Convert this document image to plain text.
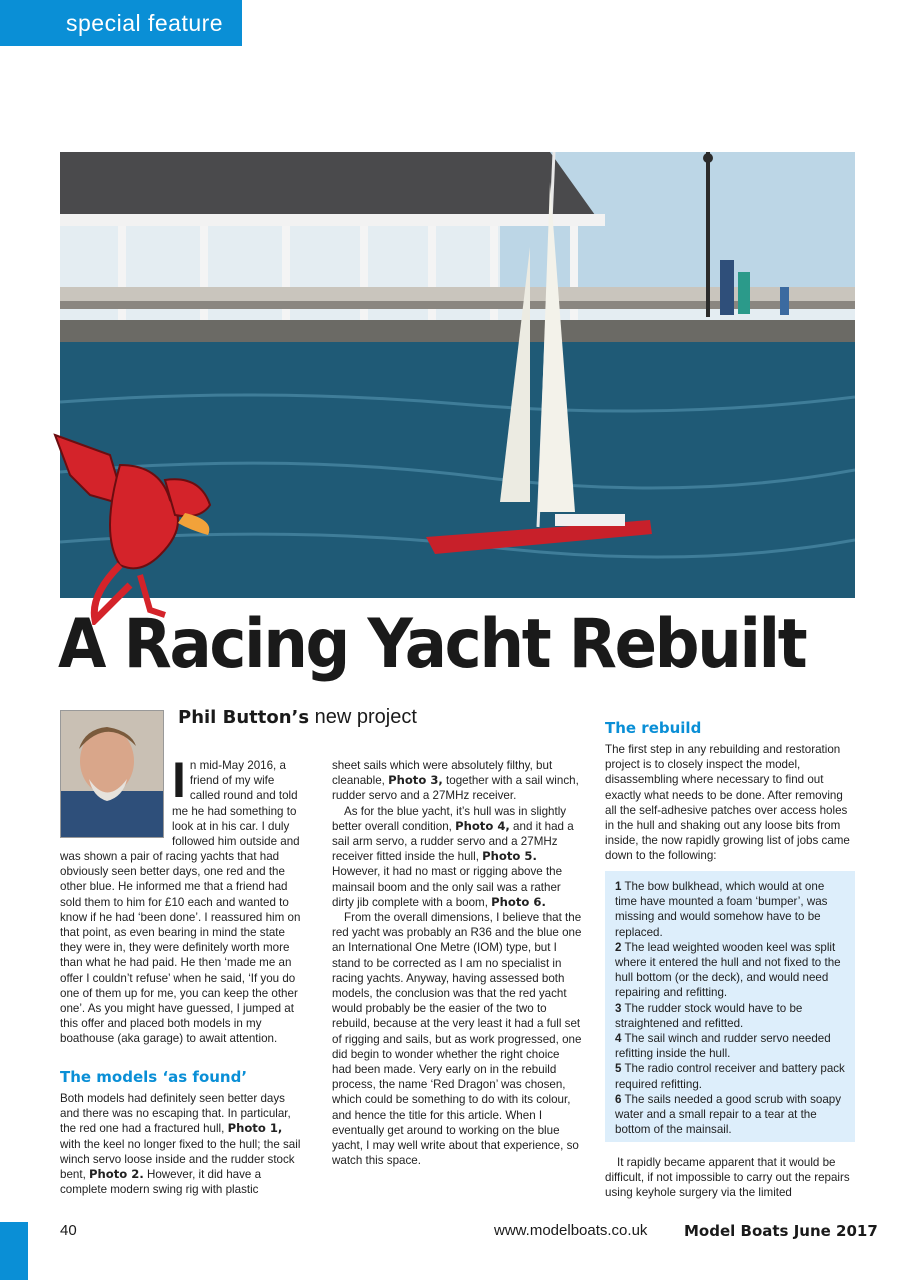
special feature
A Racing Yacht Rebuilt
Phil Button’s new project
In mid-May 2016, a friend of my wife called round and told me he had something to look at in his car. I duly followed him outside and
was shown a pair of racing yachts that had obviously seen better days, one red and the other blue. He informed me that a friend had sold them to him for £10 each and wanted to know if he had ‘been done’. I reassured him on that point, as even bearing in mind the state they were in, they were definitely worth more than what he had paid. He then ‘made me an offer I couldn’t refuse’ when he said, ‘If you do one of them up for me, you can keep the other one’. As you might have guessed, I jumped at this offer and placed both models in my boathouse (aka garage) to await attention.
The models ‘as found’
Both models had definitely seen better days and there was no escaping that. In particular, the red one had a fractured hull, Photo 1, with the keel no longer fixed to the hull; the sail winch servo loose inside and the rudder stock bent, Photo 2. However, it did have a complete modern swing rig with plastic

sheet sails which were absolutely filthy, but cleanable, Photo 3, together with a sail winch, rudder servo and a 27MHz receiver.

As for the blue yacht, it’s hull was in slightly better overall condition, Photo 4, and it had a sail arm servo, a rudder servo and a 27MHz receiver fitted inside the hull, Photo 5. However, it had no mast or rigging above the mainsail boom and the only sail was a rather dirty jib complete with a boom, Photo 6.

From the overall dimensions, I believe that the red yacht was probably an R36 and the blue one an International One Metre (IOM) type, but I stand to be corrected as I am no specialist in racing yachts. Anyway, having assessed both models, the conclusion was that the red yacht would probably be the easier of the two to rebuild, because at the very least it had a full set of rigging and sails, but as work progressed, one did begin to wonder whether the right choice had been made. Very early on in the rebuild process, the name ‘Red Dragon’ was chosen, which could be something to do with its colour, and hence the title for this article. When I eventually get around to working on the blue yacht, I may well write about that experience, so watch this space.

The rebuild
The first step in any rebuilding and restoration project is to closely inspect the model, disassembling where necessary to find out exactly what needs to be done. After removing all the self-adhesive patches over access holes in the hull and shaking out any loose bits from inside, the now rapidly growing list of jobs came down to the following:

1 The bow bulkhead, which would at one time have mounted a foam ‘bumper’, was missing and would somehow have to be replaced.

2 The lead weighted wooden keel was split where it entered the hull and not fixed to the hull bottom (or the deck), and would need repairing and refitting.

3 The rudder stock would have to be straightened and refitted.

4 The sail winch and rudder servo needed refitting inside the hull.

5 The radio control receiver and battery pack required refitting.

6 The sails needed a good scrub with soapy water and a small repair to a tear at the bottom of the mainsail.

It rapidly became apparent that it would be difficult, if not impossible to carry out the repairs using keyhole surgery via the limited
40	www.modelboats.co.uk Model Boats June 2017
